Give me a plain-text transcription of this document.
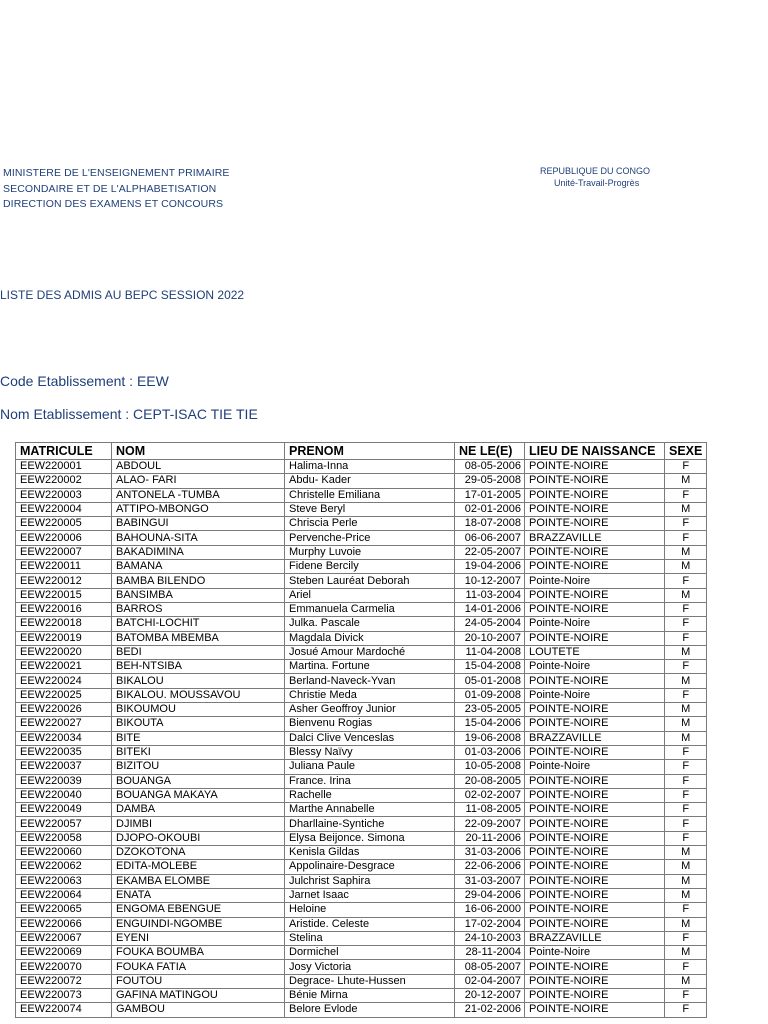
MINISTERE DE L'ENSEIGNEMENT PRIMAIRE
SECONDAIRE ET DE L'ALPHABETISATION
DIRECTION DES EXAMENS ET CONCOURS
REPUBLIQUE DU CONGO
Unité-Travail-Progrès
LISTE DES ADMIS AU BEPC SESSION 2022
Code Etablissement : EEW
Nom Etablissement : CEPT-ISAC TIE TIE
MATRICULE	NOM	PRENOM	NE LE(E)	LIEU DE NAISSANCE	SEXE
EEW220001	ABDOUL	Halima-Inna	08-05-2006	POINTE-NOIRE	F
EEW220002	ALAO- FARI	Abdu- Kader	29-05-2008	POINTE-NOIRE	M
EEW220003	ANTONELA -TUMBA	Christelle Emiliana	17-01-2005	POINTE-NOIRE	F
EEW220004	ATTIPO-MBONGO	Steve Beryl	02-01-2006	POINTE-NOIRE	M
EEW220005	BABINGUI	Chriscia Perle	18-07-2008	POINTE-NOIRE	F
EEW220006	BAHOUNA-SITA	Pervenche-Price	06-06-2007	BRAZZAVILLE	F
EEW220007	BAKADIMINA	Murphy Luvoie	22-05-2007	POINTE-NOIRE	M
EEW220011	BAMANA	Fidene Bercily	19-04-2006	POINTE-NOIRE	M
EEW220012	BAMBA BILENDO	Steben Lauréat Deborah	10-12-2007	Pointe-Noire	F
EEW220015	BANSIMBA	Ariel	11-03-2004	POINTE-NOIRE	M
EEW220016	BARROS	Emmanuela Carmelia	14-01-2006	POINTE-NOIRE	F
EEW220018	BATCHI-LOCHIT	Julka. Pascale	24-05-2004	Pointe-Noire	F
EEW220019	BATOMBA MBEMBA	Magdala Divick	20-10-2007	POINTE-NOIRE	F
EEW220020	BEDI	Josué Amour Mardoché	11-04-2008	LOUTETE	M
EEW220021	BEH-NTSIBA	Martina. Fortune	15-04-2008	Pointe-Noire	F
EEW220024	BIKALOU	Berland-Naveck-Yvan	05-01-2008	POINTE-NOIRE	M
EEW220025	BIKALOU. MOUSSAVOU	Christie Meda	01-09-2008	Pointe-Noire	F
EEW220026	BIKOUMOU	Asher Geoffroy Junior	23-05-2005	POINTE-NOIRE	M
EEW220027	BIKOUTA	Bienvenu Rogias	15-04-2006	POINTE-NOIRE	M
EEW220034	BITE	Dalci Clive Venceslas	19-06-2008	BRAZZAVILLE	M
EEW220035	BITEKI	Blessy Naïvy	01-03-2006	POINTE-NOIRE	F
EEW220037	BIZITOU	Juliana Paule	10-05-2008	Pointe-Noire	F
EEW220039	BOUANGA	France. Irina	20-08-2005	POINTE-NOIRE	F
EEW220040	BOUANGA MAKAYA	Rachelle	02-02-2007	POINTE-NOIRE	F
EEW220049	DAMBA	Marthe Annabelle	11-08-2005	POINTE-NOIRE	F
EEW220057	DJIMBI	Dharllaine-Syntiche	22-09-2007	POINTE-NOIRE	F
EEW220058	DJOPO-OKOUBI	Elysa Beijonce. Simona	20-11-2006	POINTE-NOIRE	F
EEW220060	DZOKOTONA	Kenisla Gildas	31-03-2006	POINTE-NOIRE	M
EEW220062	EDITA-MOLEBE	Appolinaire-Desgrace	22-06-2006	POINTE-NOIRE	M
EEW220063	EKAMBA ELOMBE	Julchrist Saphira	31-03-2007	POINTE-NOIRE	M
EEW220064	ENATA	Jarnet Isaac	29-04-2006	POINTE-NOIRE	M
EEW220065	ENGOMA EBENGUE	Heloine	16-06-2000	POINTE-NOIRE	F
EEW220066	ENGUINDI-NGOMBE	Aristide. Celeste	17-02-2004	POINTE-NOIRE	M
EEW220067	EYENI	Stelina	24-10-2003	BRAZZAVILLE	F
EEW220069	FOUKA BOUMBA	Dormichel	28-11-2004	Pointe-Noire	M
EEW220070	FOUKA FATIA	Josy Victoria	08-05-2007	POINTE-NOIRE	F
EEW220072	FOUTOU	Degrace- Lhute-Hussen	02-04-2007	POINTE-NOIRE	M
EEW220073	GAFINA MATINGOU	Bénie Mirna	20-12-2007	POINTE-NOIRE	F
EEW220074	GAMBOU	Belore Evlode	21-02-2006	POINTE-NOIRE	F
